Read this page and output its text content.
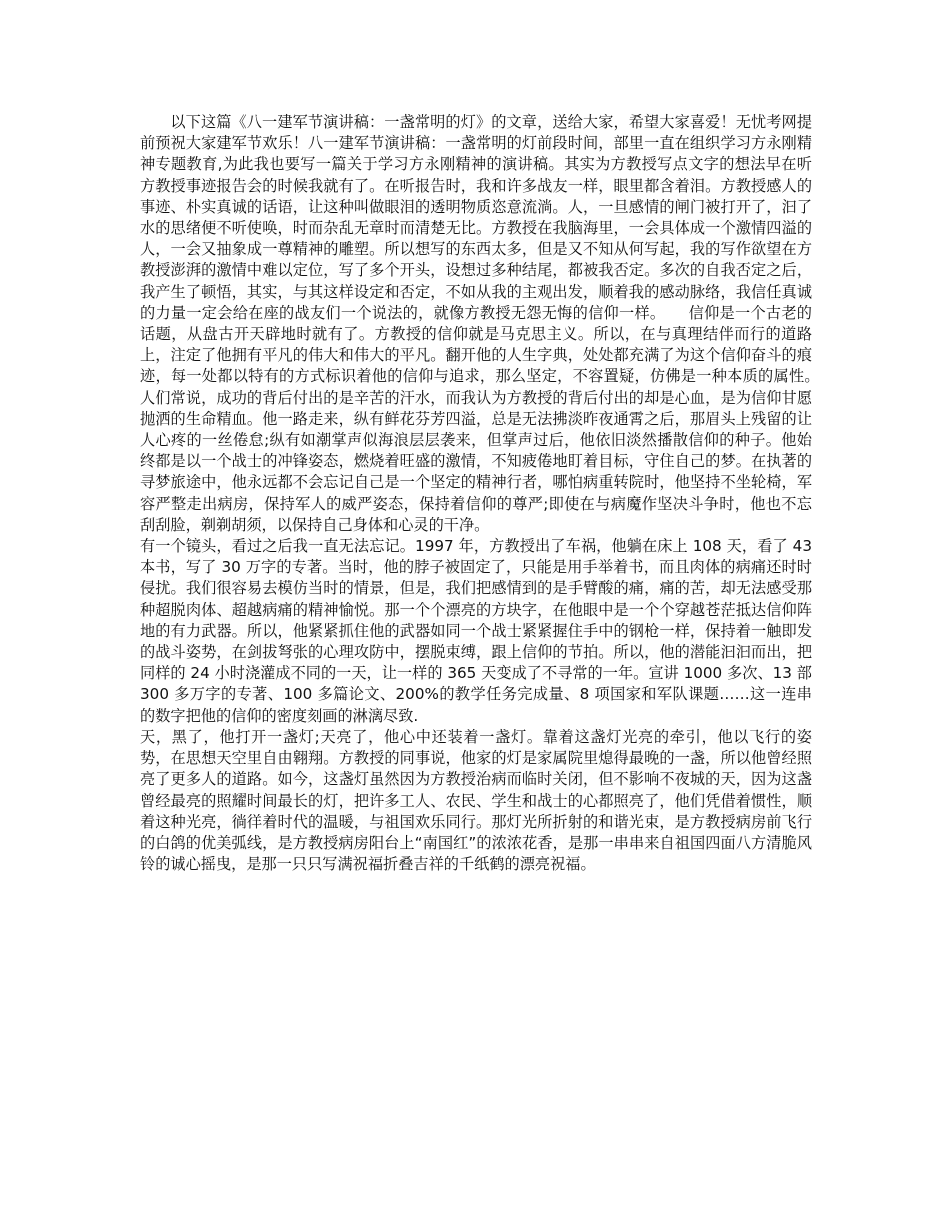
以下这篇《八一建军节演讲稿：一盏常明的灯》的文章，送给大家，希望大家喜爱！无忧考网提前预祝大家建军节欢乐！八一建军节演讲稿：一盏常明的灯前段时间，部里一直在组织学习方永刚精神专题教育,为此我也要写一篇关于学习方永刚精神的演讲稿。其实为方教授写点文字的想法早在听方教授事迹报告会的时候我就有了。在听报告时，我和许多战友一样，眼里都含着泪。方教授感人的事迹、朴实真诚的话语，让这种叫做眼泪的透明物质恣意流淌。人，一旦感情的闸门被打开了，汩了水的思绪便不听使唤，时而杂乱无章时而清楚无比。方教授在我脑海里，一会具体成一个激情四溢的人，一会又抽象成一尊精神的雕塑。所以想写的东西太多，但是又不知从何写起，我的写作欲望在方教授澎湃的激情中难以定位，写了多个开头，设想过多种结尾，都被我否定。多次的自我否定之后，我产生了顿悟，其实，与其这样设定和否定，不如从我的主观出发，顺着我的感动脉络，我信任真诚的力量一定会给在座的战友们一个说法的，就像方教授无怨无悔的信仰一样。　　信仰是一个古老的话题，从盘古开天辟地时就有了。方教授的信仰就是马克思主义。所以，在与真理结伴而行的道路上，注定了他拥有平凡的伟大和伟大的平凡。翻开他的人生字典，处处都充满了为这个信仰奋斗的痕迹，每一处都以特有的方式标识着他的信仰与追求，那么坚定，不容置疑，仿佛是一种本质的属性。　　人们常说，成功的背后付出的是辛苦的汗水，而我认为方教授的背后付出的却是心血，是为信仰甘愿抛洒的生命精血。他一路走来，纵有鲜花芬芳四溢，总是无法拂淡昨夜通霄之后，那眉头上残留的让人心疼的一丝倦怠;纵有如潮掌声似海浪层层袭来，但掌声过后，他依旧淡然播散信仰的种子。他始终都是以一个战士的冲锋姿态，燃烧着旺盛的激情，不知疲倦地盯着目标，守住自己的梦。在执著的寻梦旅途中，他永远都不会忘记自己是一个坚定的精神行者，哪怕病重转院时，他坚持不坐轮椅，军容严整走出病房，保持军人的威严姿态，保持着信仰的尊严;即使在与病魔作坚决斗争时，他也不忘刮刮脸，剃剃胡须，以保持自己身体和心灵的干净。

有一个镜头，看过之后我一直无法忘记。1997 年，方教授出了车祸，他躺在床上 108 天，看了 43 本书，写了 30 万字的专著。当时，他的脖子被固定了，只能是用手举着书，而且肉体的病痛还时时侵扰。我们很容易去模仿当时的情景，但是，我们把感情到的是手臂酸的痛，痛的苦，却无法感受那种超脱肉体、超越病痛的精神愉悦。那一个个漂亮的方块字，在他眼中是一个个穿越苍茫抵达信仰阵地的有力武器。所以，他紧紧抓住他的武器如同一个战士紧紧握住手中的钢枪一样，保持着一触即发的战斗姿势，在剑拔弩张的心理攻防中，摆脱束缚，跟上信仰的节拍。所以，他的潜能汩汩而出，把同样的 24 小时浇灌成不同的一天，让一样的 365 天变成了不寻常的一年。宣讲 1000 多次、13 部 300 多万字的专著、100 多篇论文、200%的教学任务完成量、8 项国家和军队课题……这一连串的数字把他的信仰的密度刻画的淋漓尽致.

天，黑了，他打开一盏灯;天亮了，他心中还装着一盏灯。靠着这盏灯光亮的牵引，他以飞行的姿势，在思想天空里自由翱翔。方教授的同事说，他家的灯是家属院里熄得最晚的一盏，所以他曾经照亮了更多人的道路。如今，这盏灯虽然因为方教授治病而临时关闭，但不影响不夜城的天，因为这盏曾经最亮的照耀时间最长的灯，把许多工人、农民、学生和战士的心都照亮了，他们凭借着惯性，顺着这种光亮，徜徉着时代的温暖，与祖国欢乐同行。那灯光所折射的和谐光束，是方教授病房前飞行的白鸽的优美弧线，是方教授病房阳台上“南国红”的浓浓花香，是那一串串来自祖国四面八方清脆风铃的诚心摇曳，是那一只只写满祝福折叠吉祥的千纸鹤的漂亮祝福。
